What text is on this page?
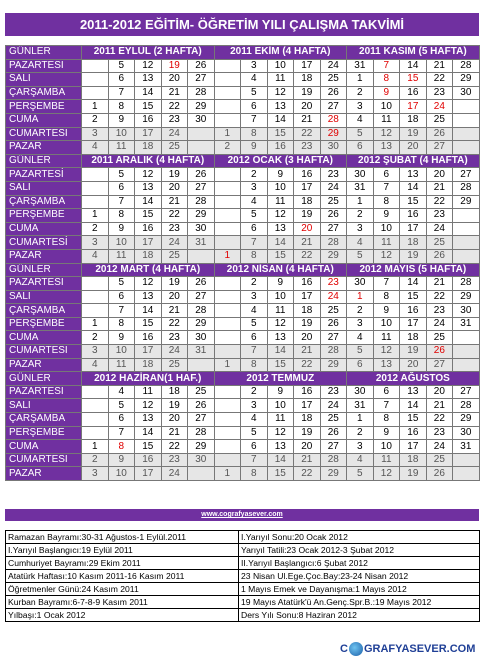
2011-2012 EĞİTİM- ÖĞRETİM YILI ÇALIŞMA TAKVİMİ
GÜNLER	2011 EYLÜL (2 HAFTA)					2011 EKİM (4 HAFTA)					2011 KASIM (5 HAFTA)				
PAZARTESİ		5	12	19	26		3	10	17	24	31	7	14	21	28
SALI		6	13	20	27		4	11	18	25	1	8	15	22	29
ÇARŞAMBA		7	14	21	28		5	12	19	26	2	9	16	23	30
PERŞEMBE	1	8	15	22	29		6	13	20	27	3	10	17	24	
CUMA	2	9	16	23	30		7	14	21	28	4	11	18	25	
CUMARTESİ	3	10	17	24		1	8	15	22	29	5	12	19	26	
PAZAR	4	11	18	25		2	9	16	23	30	6	13	20	27	
GÜNLER	2011 ARALIK (4 HAFTA)					2012 OCAK (3 HAFTA)					2012 ŞUBAT (4 HAFTA)				
PAZARTESİ		5	12	19	26		2	9	16	23	30	6	13	20	27
SALI		6	13	20	27		3	10	17	24	31	7	14	21	28
ÇARŞAMBA		7	14	21	28		4	11	18	25	1	8	15	22	29
PERŞEMBE	1	8	15	22	29		5	12	19	26	2	9	16	23	
CUMA	2	9	16	23	30		6	13	20	27	3	10	17	24	
CUMARTESİ	3	10	17	24	31		7	14	21	28	4	11	18	25	
PAZAR	4	11	18	25		1	8	15	22	29	5	12	19	26	
GÜNLER	2012 MART (4 HAFTA)					2012 NİSAN (4 HAFTA)					2012 MAYIS (5 HAFTA)				
PAZARTESİ		5	12	19	26		2	9	16	23	30	7	14	21	28
SALI		6	13	20	27		3	10	17	24	1	8	15	22	29
ÇARŞAMBA		7	14	21	28		4	11	18	25	2	9	16	23	30
PERŞEMBE	1	8	15	22	29		5	12	19	26	3	10	17	24	31
CUMA	2	9	16	23	30		6	13	20	27	4	11	18	25	
CUMARTESİ	3	10	17	24	31		7	14	21	28	5	12	19	26	
PAZAR	4	11	18	25		1	8	15	22	29	6	13	20	27	
GÜNLER	2012 HAZİRAN(1 HAF.)					2012 TEMMUZ					2012 AĞUSTOS				
PAZARTESİ		4	11	18	25		2	9	16	23	30	6	13	20	27
SALI		5	12	19	26		3	10	17	24	31	7	14	21	28
ÇARŞAMBA		6	13	20	27		4	11	18	25	1	8	15	22	29
PERŞEMBE		7	14	21	28		5	12	19	26	2	9	16	23	30
CUMA	1	8	15	22	29		6	13	20	27	3	10	17	24	31
CUMARTESİ	2	9	16	23	30		7	14	21	28	4	11	18	25	
PAZAR	3	10	17	24		1	8	15	22	29	5	12	19	26	
www.cografyasever.com
Ramazan Bayramı:30-31 Ağustos-1 Eylül.2011	I.Yarıyıl Sonu:20 Ocak 2012
I.Yarıyıl Başlangıcı:19 Eylül 2011	Yarıyıl Tatili:23 Ocak 2012-3 Şubat 2012
Cumhuriyet Bayramı:29 Ekim 2011	II.Yarıyıl Başlangıcı:6 Şubat 2012
Atatürk Haftası:10 Kasım 2011-16 Kasım 2011	23 Nisan Ul.Ege.Çoc.Bay:23-24 Nisan 2012
Öğretmenler Günü:24 Kasım 2011	1 Mayıs Emek ve Dayanışma:1 Mayıs 2012
Kurban Bayramı:6-7-8-9 Kasım 2011	19 Mayıs Atatürk'ü An.Genç.Spr.B.:19 Mayıs 2012
Yılbaşı:1 Ocak 2012	Ders Yılı Sonu:8 Haziran 2012
C GRAFYASEVER.COM
